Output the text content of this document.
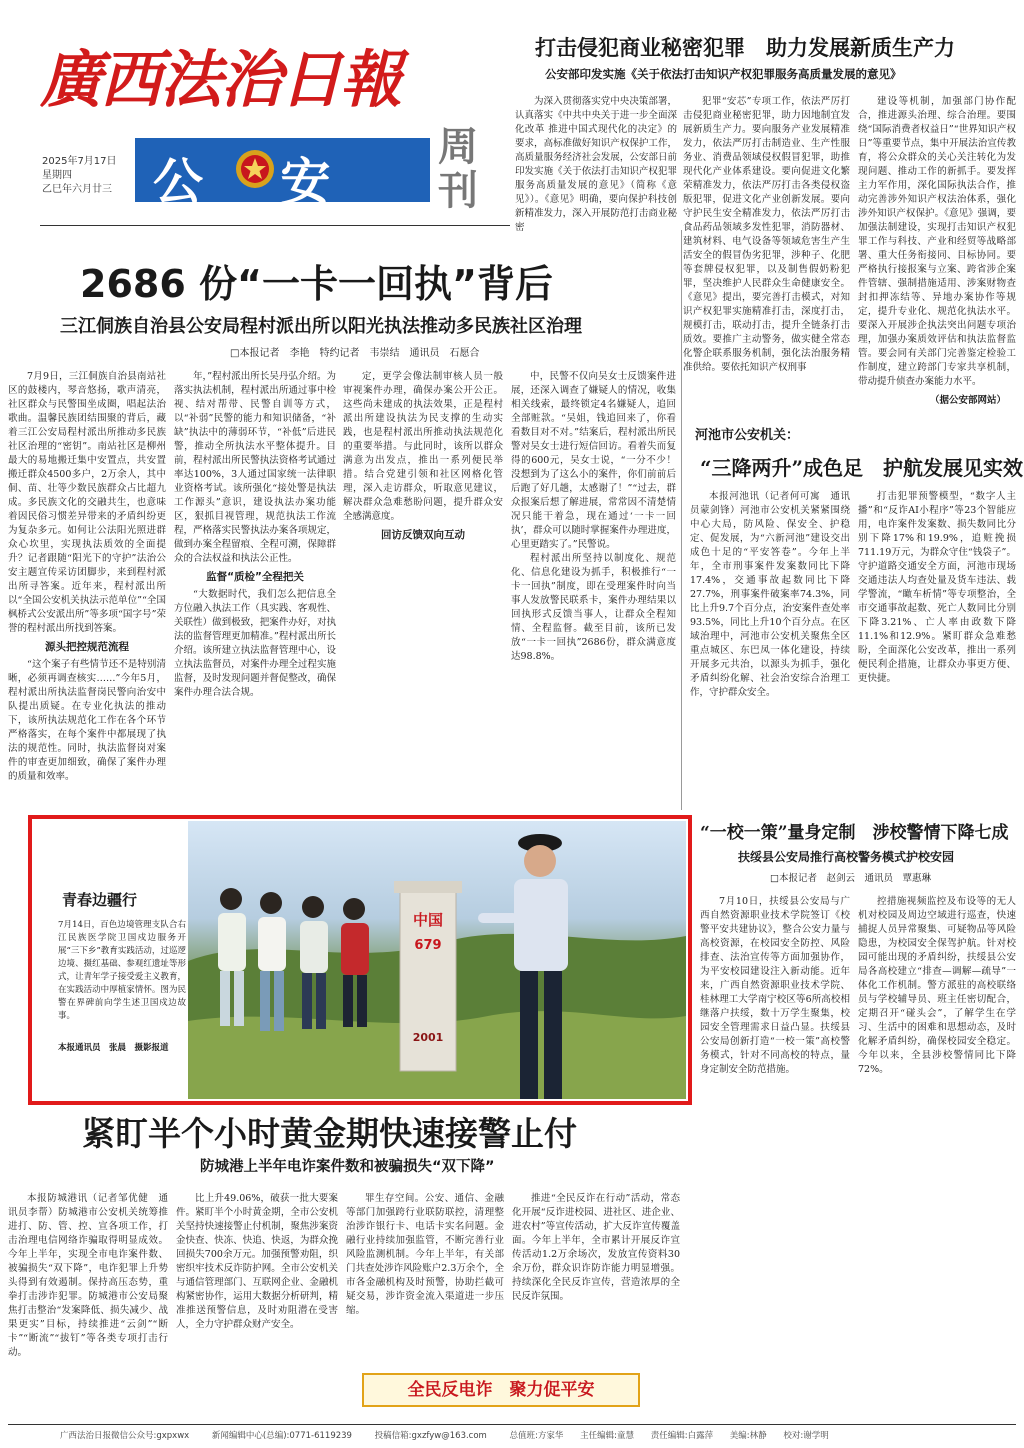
廣西法治日報
2025年7月17日
星期四
乙巳年六月廿三 公 安
周刊
打击侵犯商业秘密犯罪　助力发展新质生产力
公安部印发实施《关于依法打击知识产权犯罪服务高质量发展的意见》
为深入贯彻落实党中央决策部署，认真落实《中共中央关于进一步全面深化改革 推进中国式现代化的决定》的要求，高标准做好知识产权保护工作，高质量服务经济社会发展，公安部日前印发实施《关于依法打击知识产权犯罪服务高质量发展的意见》（简称《意见》）。《意见》明确，要向保护科技创新精准发力，深入开展防范打击商业秘密
犯罪“安芯”专项工作，依法严厉打击侵犯商业秘密犯罪，助力因地制宜发展新质生产力。要向服务产业发展精准发力，依法严厉打击制造业、生产性服务业、消费品领域侵权假冒犯罪，助推现代化产业体系建设。要向促进文化繁荣精准发力，依法严厉打击各类侵权盗版犯罪，促进文化产业创新发展。要向守护民生安全精准发力，依法严厉打击食品药品领域多发性犯罪，消防器材、建筑材料、电气设备等领域危害生产生活安全的假冒伪劣犯罪，涉种子、化肥等套牌侵权犯罪，以及制售假奶粉犯罪，坚决维护人民群众生命健康安全。《意见》提出，要完善打击模式，对知识产权犯罪实施精准打击，深度打击，规模打击，联动打击，提升全链条打击质效。要推广主动警务，做实健全常态化警企联系服务机制，强化法治服务精准供给。要依托知识产权刑事
建设等机制，加强部门协作配合，推进源头治理、综合治理。要围绕“国际消费者权益日”“世界知识产权日”等重要节点，集中开展法治宣传教育，将公众群众的关心关注转化为发现问题、推动工作的新抓手。要发挥主力军作用，深化国际执法合作，推动完善涉外知识产权法治体系，强化涉外知识产权保护。《意见》强调，要加强法制建设，实现打击知识产权犯罪工作与科技、产业和经贸等战略部署、重大任务衔接同、目标协同。要严格执行接报案与立案、跨省涉企案件管辖、强制措施适用、涉案财物查封扣押冻结等、异地办案协作等规定，提升专业化、规范化执法水平。要深入开展涉企执法突出问题专项治理，加强办案质效评估和执法监督监管。要会同有关部门完善鉴定检验工作制度，建立跨部门专家共享机制，带动提升侦查办案能力水平。
（据公安部网站）
2686 份“一卡一回执”背后
三江侗族自治县公安局程村派出所以阳光执法推动多民族社区治理
□本报记者　李艳　特约记者　韦崇结　通讯员　石愿合

7月9日，三江侗族自治县南站社区的鼓楼内，琴音悠扬，歌声清亮，社区群众与民警围坐成圈，唱起法治歌曲。温馨民族团结围聚的背后，藏着三江公安局程村派出所推动多民族社区治理的“密钥”。南站社区是柳州最大的易地搬迁集中安置点，共安置搬迁群众4500多户，2万余人，其中侗、苗、壮等少数民族群众占比超九成。多民族文化的交融共生，也意味着因民俗习惯差异带来的矛盾纠纷更为复杂多元。如何让公法阳光照进群众心坎里，实现执法质效的全面提升？记者跟随“阳光下的守护”法治公安主题宣传采访团脚步，来到程村派出所寻答案。近年来，程村派出所以“全国公安机关执法示范单位”“全国枫桥式公安派出所”等多项“国字号”荣誉的程村派出所找到答案。

源头把控规范流程

“这个案子有些情节还不是特别清晰，必须再调查核实……”今年5月，程村派出所执法监督岗民警向治安中队提出质疑。在专业化执法的推动下，该所执法规范化工作在各个环节严格落实，在每个案件中都展现了执法的规范性。同时，执法监督岗对案件的审查更加细致，确保了案件办理的质量和效率。

年，”程村派出所长吴丹弘介绍。为落实执法机制，程村派出所通过事中检视、结对帮带、民警自训等方式，以“补弱”民警的能力和知识储备，“补缺”执法中的薄弱环节，“补低”后进民警，推动全所执法水平整体提升。目前，程村派出所民警执法资格考试通过率达100%，3人通过国家统一法律职业资格考试。该所强化“接处警是执法工作源头”意识，建设执法办案功能区，狠抓目视管理，规范执法工作流程，严格落实民警执法办案各项规定，做到办案全程留痕、全程可溯，保障群众的合法权益和执法公正性。

监督“质检”全程把关

“大数据时代，我们怎么把信息全方位融入执法工作（具实践、客观性、关联性）做到极致，把案件办好，对执法的监督管理更加精准。”程村派出所长介绍。该所建立执法监督管理中心，设立执法监督员，对案件办理全过程实施监督，及时发现问题并督促整改，确保案件办理合法合规。

定，更学会像法制审核人员一般审视案件办理，确保办案公开公正。这些尚未建成的执法效果，正是程村派出所建设执法为民支撑的生动实践，也是程村派出所推动执法规范化的重要举措。与此同时，该所以群众满意为出发点，推出一系列便民举措。结合党建引领和社区网格化管理，深入走访群众，听取意见建议，解决群众急难愁盼问题，提升群众安全感满意度。

回访反馈双向互动

中，民警不仅向吴女士反馈案件进展，还深入调查了嫌疑人的情况，收集相关线索，最终锁定4名嫌疑人，追回全部赃款。“吴姐，钱追回来了，你看看数目对不对。”结案后，程村派出所民警对吴女士进行短信回访。看着失而复得的600元，吴女士说，“一分不少！没想到为了这么小的案件，你们前前后后跑了好几趟，太感谢了！”“过去，群众报案后想了解进展，常常因不清楚情况只能干着急，现在通过‘一卡一回执’，群众可以随时掌握案件办理进度，心里更踏实了。”民警说。

程村派出所坚持以制度化、规范化、信息化建设为抓手，积极推行“一卡一回执”制度，即在受理案件时向当事人发放警民联系卡，案件办理结果以回执形式反馈当事人，让群众全程知情、全程监督。截至目前，该所已发放“一卡一回执”2686份，群众满意度达98.8%。

河池市公安机关：
“三降两升”成色足　护航发展见实效
本报河池讯（记者何可寓　通讯员蒙剑锋）河池市公安机关紧紧围绕中心大局，防风险、保安全、护稳定、促发展，为“六新河池”建设交出成色十足的“平安答卷”。今年上半年，全市刑事案件发案数同比下降17.4%，交通事故起数同比下降27.7%，刑事案件破案率74.3%，同比上升9.7个百分点，治安案件查处率93.5%，同比上升10个百分点。在区域治理中，河池市公安机关聚焦全区重点城区、东巴凤一体化建设，持续开展多元共治，以源头为抓手，强化矛盾纠纷化解、社会治安综合治理工作，守护群众安全。
打击犯罪预警模型，“数字人主播”和“反诈AI小程序”等23个智能应用，电诈案件发案数、损失数同比分别下降17%和19.9%，追赃挽损711.19万元，为群众守住“钱袋子”。守护道路交通安全方面，河池市现场交通违法人均查处量及货车违法、载学警流，“瞰车析情”等专项整治，全市交通事故起数、死亡人数同比分别下降3.21%、亡人率由政数下降11.1%和12.9%。紧盯群众急难愁盼，全面深化公安改革，推出一系列便民利企措施，让群众办事更方便、更快捷。
青春边疆行
7月14日，百色边境管理支队合右江民族医学院卫国戍边服务开展“三下乡”教育实践活动，过巡逻边境、摄红基础、参观红遗址等形式，让青年学子接受爱主义教育，在实践活动中厚植家情怀。图为民警在界碑前向学生述卫国戍边故事。
本报通讯员　张晨　摄影报道
中国
679
2001
“一校一策”量身定制　涉校警情下降七成
扶绥县公安局推行高校警务模式护校安园
□本报记者　赵剑云　通讯员　覃惠琳
7月10日，扶绥县公安局与广西自然资源职业技术学院签订《校警平安共建协议》，整合公安力量与高校资源，在校园安全防控、风险排查、法治宣传等方面加强协作，为平安校园建设注入新动能。近年来，广西自然资源职业技术学院、桂林理工大学南宁校区等6所高校相继落户扶绥，数十万学生聚集，校园安全管理需求日益凸显。扶绥县公安局创新打造“一校一策”高校警务模式，针对不同高校的特点，量身定制安全防范措施。
控措施视频监控及布设等的无人机对校园及周边空域进行巡查，快速捕捉人员异常聚集、可疑物品等风险隐患，为校园安全保驾护航。针对校园可能出现的矛盾纠纷，扶绥县公安局各高校建立“排查—调解—疏导”一体化工作机制。警方派驻的高校联络员与学校辅导员、班主任密切配合，定期召开“碰头会”，了解学生在学习、生活中的困难和思想动态，及时化解矛盾纠纷，确保校园安全稳定。今年以来，全县涉校警情同比下降72%。
紧盯半个小时黄金期快速接警止付
防城港上半年电诈案件数和被骗损失“双下降”
本报防城港讯（记者邹优健　通讯员李帮）防城港市公安机关统筹推进打、防、管、控、宣各项工作，打击治理电信网络诈骗取得明显成效。今年上半年，实现全市电诈案件数、被骗损失“双下降”，电诈犯罪上升势头得到有效遏制。保持高压态势，重拳打击涉诈犯罪。防城港市公安局聚焦打击整治“发案降低、损失减少、战果更实”目标，持续推进“云剑”“断卡”“断流”“拔钉”等各类专项打击行动。
比上升49.06%，破获一批大要案件。紧盯半个小时黄金期，全市公安机关坚持快速接警止付机制，聚焦涉案资金快查、快冻、快追、快返，为群众挽回损失700余万元。加强预警劝阻，织密织牢技术反诈防护网。全市公安机关与通信管理部门、互联网企业、金融机构紧密协作，运用大数据分析研判，精准推送预警信息，及时劝阻潜在受害人，全力守护群众财产安全。
罪生存空间。公安、通信、金融等部门加强跨行业联防联控，清理整治涉诈银行卡、电话卡实名问题。金融行业持续加强监管，不断完善行业风险监测机制。今年上半年，有关部门共查处涉诈风险账户2.3万余个，全市各金融机构及时预警，协助拦截可疑交易，涉诈资金流入渠道进一步压缩。
推进“全民反诈在行动”活动，常态化开展“反诈进校园、进社区、进企业、进农村”等宣传活动，扩大反诈宣传覆盖面。今年上半年，全市累计开展反诈宣传活动1.2万余场次，发放宣传资料30余万份，群众识诈防诈能力明显增强。持续深化全民反诈宣传，营造浓厚的全民反诈氛围。
全民反电诈　聚力促平安
广西法治日报微信公众号:gxpxwx	新闻编辑中心(总编):0771-6119239	投稿信箱:gxzfyw@163.com	总值班:方家华 主任编辑:童慧 责任编辑:白露萍 美编:林静 校对:谢学明
